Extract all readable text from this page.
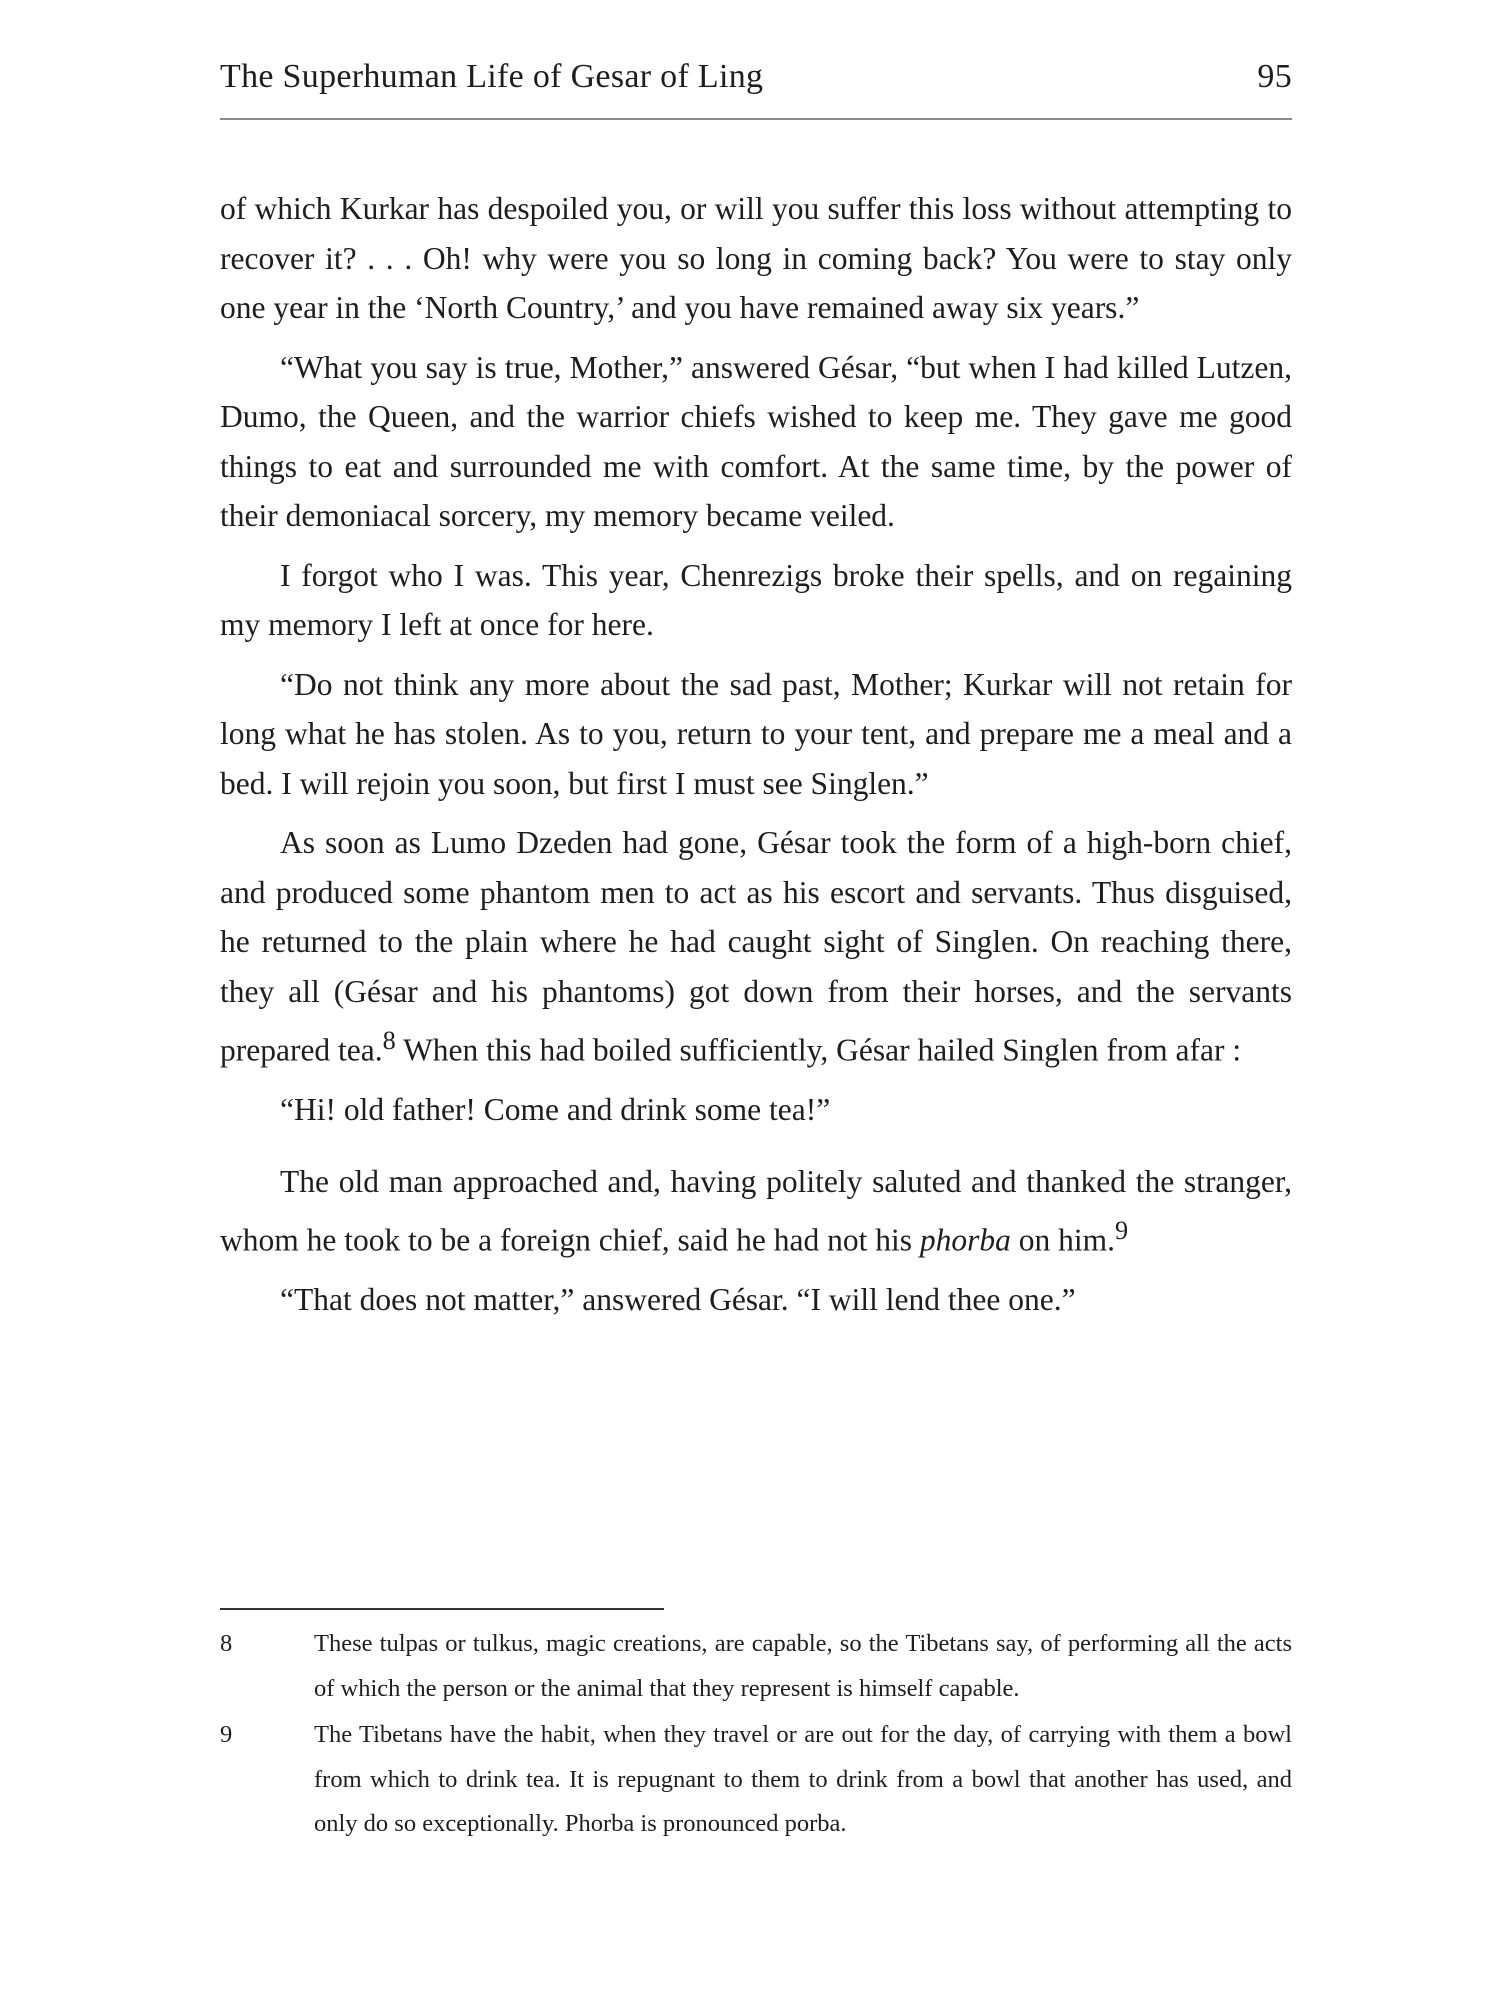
The Superhuman Life of Gesar of Ling	95

of which Kurkar has despoiled you, or will you suffer this loss without attempting to recover it? . . . Oh! why were you so long in coming back? You were to stay only one year in the ‘North Country,’ and you have remained away six years.”

“What you say is true, Mother,” answered Gésar, “but when I had killed Lutzen, Dumo, the Queen, and the warrior chiefs wished to keep me. They gave me good things to eat and surrounded me with comfort. At the same time, by the power of their demoniacal sorcery, my memory became veiled.

I forgot who I was. This year, Chenrezigs broke their spells, and on regaining my memory I left at once for here.

“Do not think any more about the sad past, Mother; Kurkar will not retain for long what he has stolen. As to you, return to your tent, and prepare me a meal and a bed. I will rejoin you soon, but first I must see Singlen.”

As soon as Lumo Dzeden had gone, Gésar took the form of a high-born chief, and produced some phantom men to act as his escort and servants. Thus disguised, he returned to the plain where he had caught sight of Singlen. On reaching there, they all (Gésar and his phantoms) got down from their horses, and the servants prepared tea.$^8$ When this had boiled sufficiently, Gésar hailed Singlen from afar :

“Hi! old father! Come and drink some tea!”

The old man approached and, having politely saluted and thanked the stranger, whom he took to be a foreign chief, said he had not his phorba on him.$^9$

“That does not matter,” answered Gésar. “I will lend thee one.”

8	These tulpas or tulkus, magic creations, are capable, so the Tibetans say, of performing all the acts of which the person or the animal that they represent is himself capable.
9	The Tibetans have the habit, when they travel or are out for the day, of carrying with them a bowl from which to drink tea. It is repugnant to them to drink from a bowl that another has used, and only do so exceptionally. Phorba is pronounced porba.
